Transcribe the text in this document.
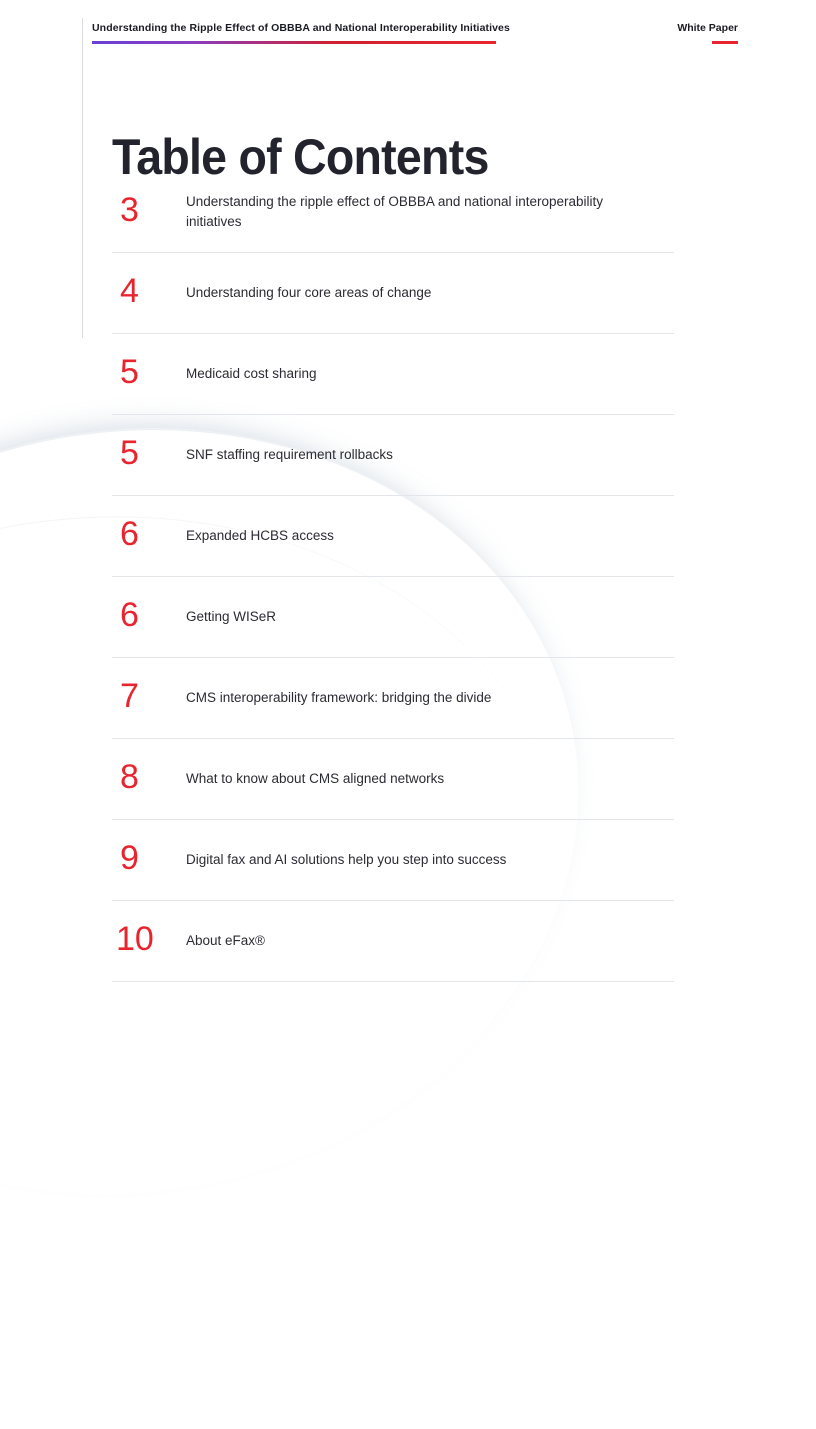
Understanding the Ripple Effect of OBBBA and National Interoperability Initiatives	White Paper
Table of Contents
3	Understanding the ripple effect of OBBBA and national interoperability initiatives
4	Understanding four core areas of change
5	Medicaid cost sharing
5	SNF staffing requirement rollbacks
6	Expanded HCBS access
6	Getting WISeR
7	CMS interoperability framework: bridging the divide
8	What to know about CMS aligned networks
9	Digital fax and AI solutions help you step into success
10	About eFax®
